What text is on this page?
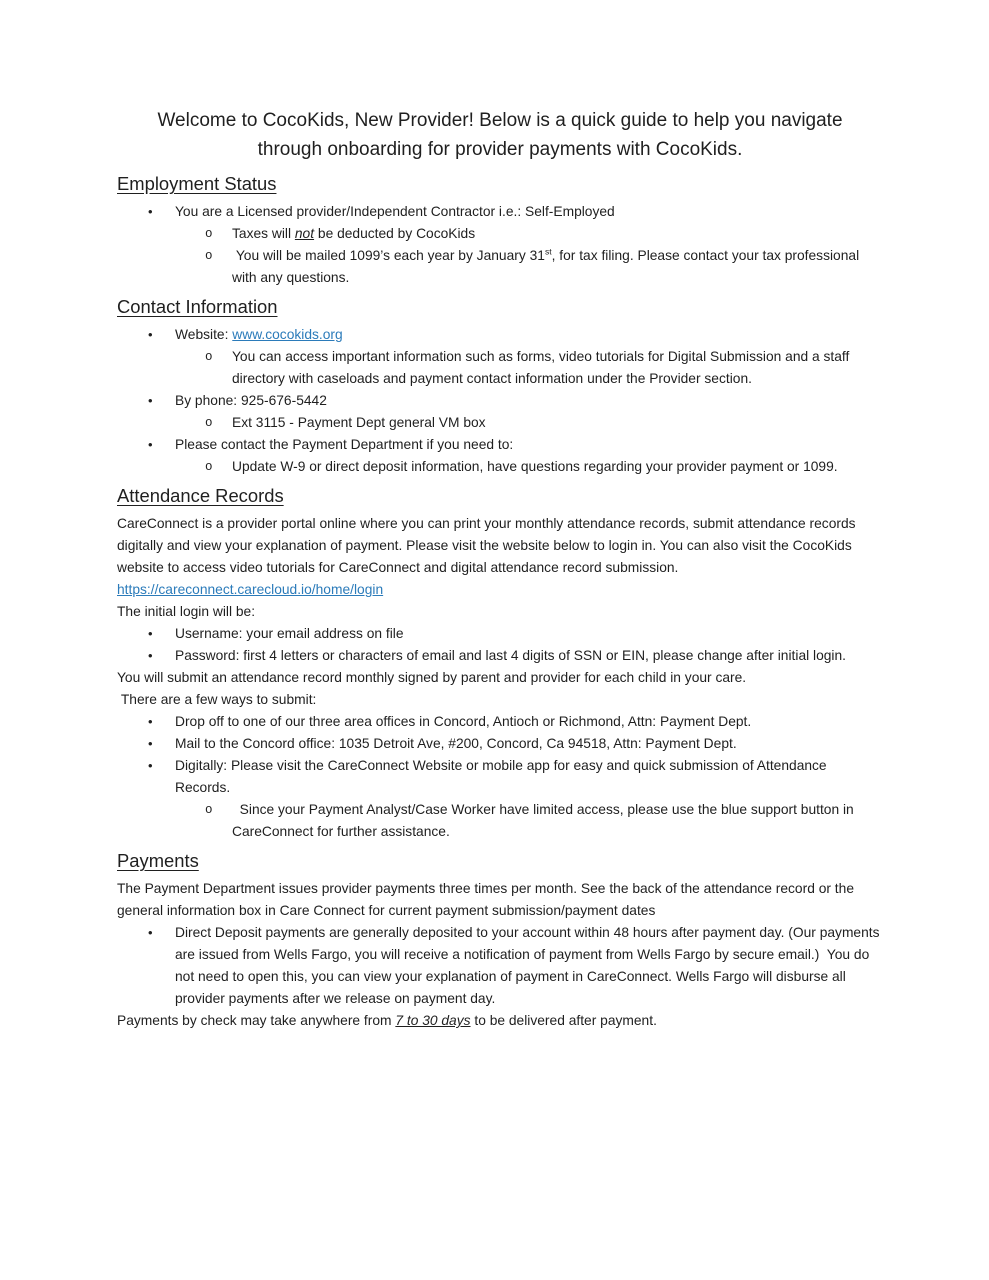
Welcome to CocoKids, New Provider! Below is a quick guide to help you navigate
through onboarding for provider payments with CocoKids.
Employment Status
•	You are a Licensed provider/Independent Contractor i.e.: Self-Employed
o	Taxes will not be deducted by CocoKids
o	You will be mailed 1099’s each year by January 31st, for tax filing. Please contact your tax professional with any questions.
Contact Information
•	Website: www.cocokids.org
o	You can access important information such as forms, video tutorials for Digital Submission and a staff directory with caseloads and payment contact information under the Provider section.
•	By phone: 925-676-5442
o	Ext 3115 - Payment Dept general VM box
•	Please contact the Payment Department if you need to:
o	Update W-9 or direct deposit information, have questions regarding your provider payment or 1099.
Attendance Records

CareConnect is a provider portal online where you can print your monthly attendance records, submit attendance records digitally and view your explanation of payment. Please visit the website below to login in. You can also visit the CocoKids website to access video tutorials for CareConnect and digital attendance record submission.

https://careconnect.carecloud.io/home/login

The initial login will be:

•	Username: your email address on file
•	Password: first 4 letters or characters of email and last 4 digits of SSN or EIN, please change after initial login.

You will submit an attendance record monthly signed by parent and provider for each child in your care.

There are a few ways to submit:

•	Drop off to one of our three area offices in Concord, Antioch or Richmond, Attn: Payment Dept.
•	Mail to the Concord office: 1035 Detroit Ave, #200, Concord, Ca 94518, Attn: Payment Dept.
•	Digitally: Please visit the CareConnect Website or mobile app for easy and quick submission of Attendance Records.
o	Since your Payment Analyst/Case Worker have limited access, please use the blue support button in CareConnect for further assistance.
Payments

The Payment Department issues provider payments three times per month. See the back of the attendance record or the general information box in Care Connect for current payment submission/payment dates

•	Direct Deposit payments are generally deposited to your account within 48 hours after payment day. (Our payments are issued from Wells Fargo, you will receive a notification of payment from Wells Fargo by secure email.)  You do not need to open this, you can view your explanation of payment in CareConnect. Wells Fargo will disburse all provider payments after we release on payment day.

Payments by check may take anywhere from 7 to 30 days to be delivered after payment.
